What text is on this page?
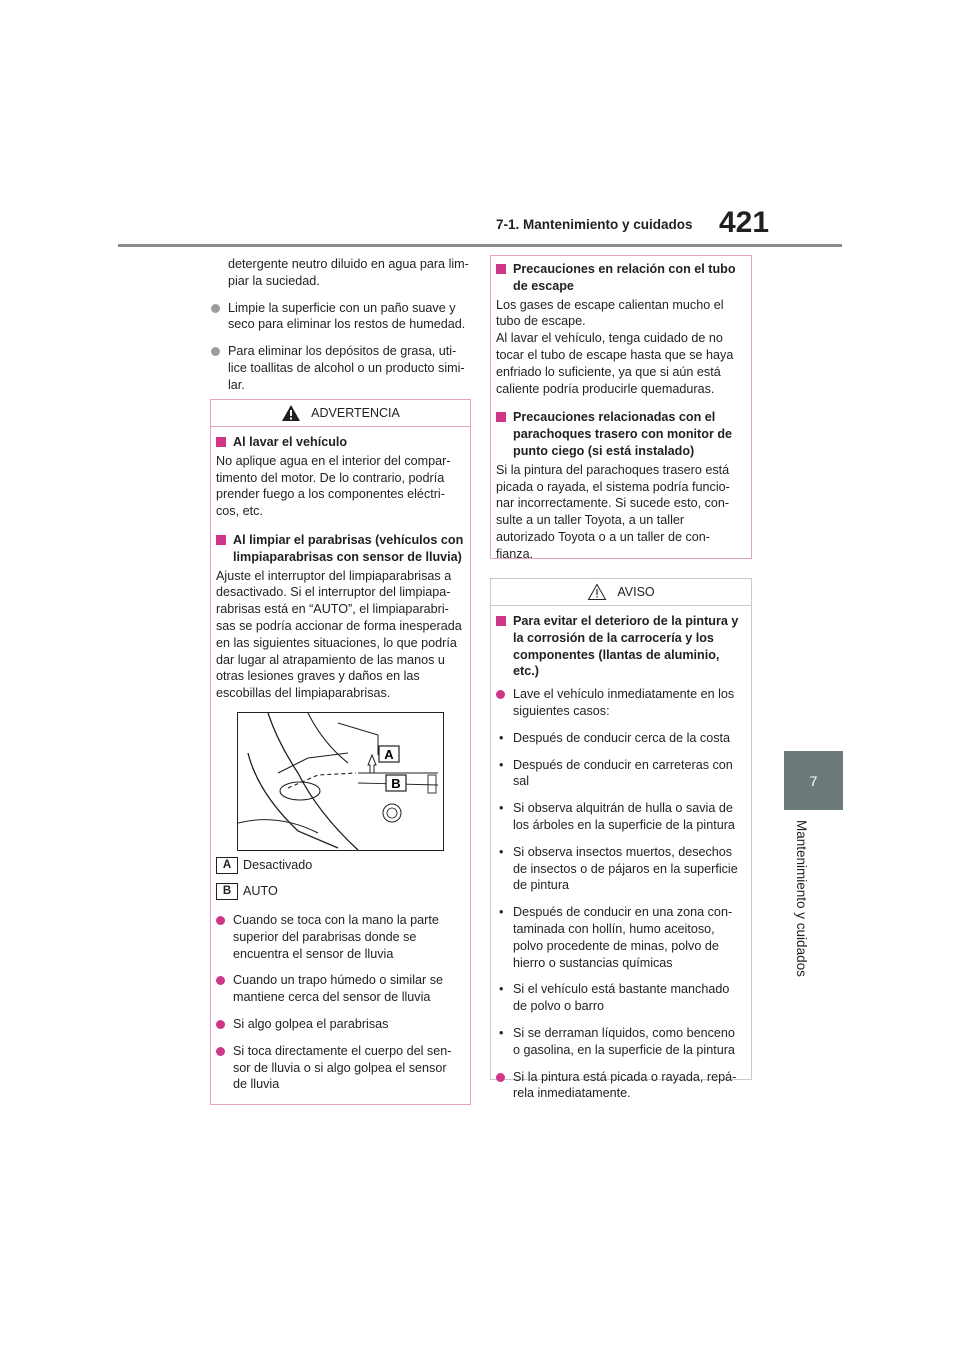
7-1. Mantenimiento y cuidados 421
7
Mantenimiento y cuidados
detergente neutro diluido en agua para lim-piar la suciedad.
Limpie la superficie con un paño suave y seco para eliminar los restos de humedad.
Para eliminar los depósitos de grasa, uti-lice toallitas de alcohol o un producto simi-lar.
ADVERTENCIA
Al lavar el vehículo

No aplique agua en el interior del compar-timento del motor. De lo contrario, podría prender fuego a los componentes eléctri-cos, etc.

Al limpiar el parabrisas (vehículos con limpiaparabrisas con sensor de lluvia)

Ajuste el interruptor del limpiaparabrisas a desactivado. Si el interruptor del limpiapa-rabrisas está en “AUTO”, el limpiaparabri-sas se podría accionar de forma inesperada en las siguientes situaciones, lo que podría dar lugar al atrapamiento de las manos u otras lesiones graves y daños en las escobillas del limpiaparabrisas.

A
B
A Desactivado
B AUTO
Cuando se toca con la mano la parte superior del parabrisas donde se encuentra el sensor de lluvia
Cuando un trapo húmedo o similar se mantiene cerca del sensor de lluvia
Si algo golpea el parabrisas
Si toca directamente el cuerpo del sen-sor de lluvia o si algo golpea el sensor de lluvia
Precauciones en relación con el tubo de escape

Los gases de escape calientan mucho el tubo de escape.
Al lavar el vehículo, tenga cuidado de no tocar el tubo de escape hasta que se haya enfriado lo suficiente, ya que si aún está caliente podría producirle quemaduras.

Precauciones relacionadas con el parachoques trasero con monitor de punto ciego (si está instalado)

Si la pintura del parachoques trasero está picada o rayada, el sistema podría funcio-nar incorrectamente. Si sucede esto, con-sulte a un taller Toyota, a un taller autorizado Toyota o a un taller de con-fianza.

AVISO
Para evitar el deterioro de la pintura y la corrosión de la carrocería y los componentes (llantas de aluminio, etc.)
Lave el vehículo inmediatamente en los siguientes casos:
• Después de conducir cerca de la costa
• Después de conducir en carreteras con sal
• Si observa alquitrán de hulla o savia de los árboles en la superficie de la pintura
• Si observa insectos muertos, desechos de insectos o de pájaros en la superficie de pintura
• Después de conducir en una zona con-taminada con hollín, humo aceitoso, polvo procedente de minas, polvo de hierro o sustancias químicas
• Si el vehículo está bastante manchado de polvo o barro
• Si se derraman líquidos, como benceno o gasolina, en la superficie de la pintura
Si la pintura está picada o rayada, repá-rela inmediatamente.
